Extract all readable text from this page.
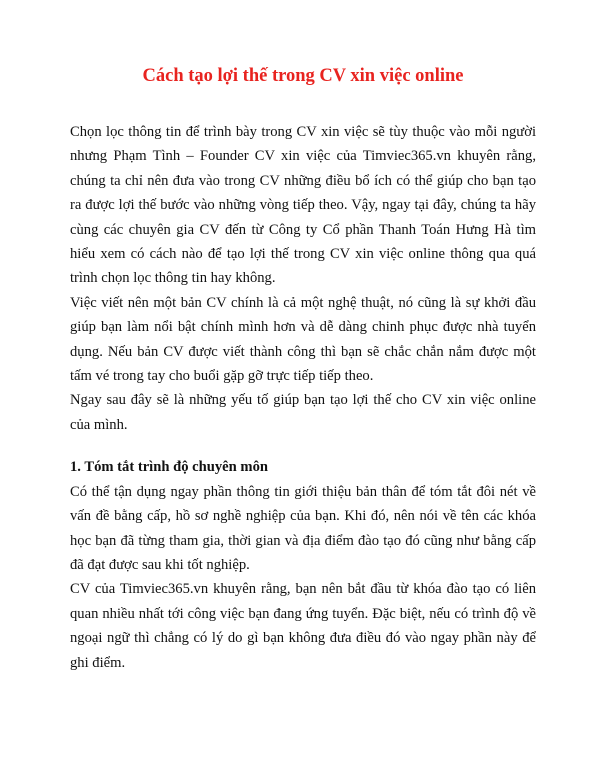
Cách tạo lợi thế trong CV xin việc online

Chọn lọc thông tin để trình bày trong CV xin việc sẽ tùy thuộc vào mỗi người nhưng Phạm Tình – Founder CV xin việc của Timviec365.vn khuyên rằng, chúng ta chỉ nên đưa vào trong CV những điều bổ ích có thể giúp cho bạn tạo ra được lợi thế bước vào những vòng tiếp theo. Vậy, ngay tại đây, chúng ta hãy cùng các chuyên gia CV đến từ Công ty Cổ phần Thanh Toán Hưng Hà tìm hiểu xem có cách nào để tạo lợi thế trong CV xin việc online thông qua quá trình chọn lọc thông tin hay không.

Việc viết nên một bản CV chính là cả một nghệ thuật, nó cũng là sự khởi đầu giúp bạn làm nổi bật chính mình hơn và dễ dàng chinh phục được nhà tuyển dụng. Nếu bản CV được viết thành công thì bạn sẽ chắc chắn nắm được một tấm vé trong tay cho buổi gặp gỡ trực tiếp tiếp theo.

Ngay sau đây sẽ là những yếu tố giúp bạn tạo lợi thế cho CV xin việc online của mình.

1. Tóm tắt trình độ chuyên môn

Có thể tận dụng ngay phần thông tin giới thiệu bản thân để tóm tắt đôi nét về vấn đề bằng cấp, hồ sơ nghề nghiệp của bạn. Khi đó, nên nói về tên các khóa học bạn đã từng tham gia, thời gian và địa điểm đào tạo đó cũng như bằng cấp đã đạt được sau khi tốt nghiệp.

CV của Timviec365.vn khuyên rằng, bạn nên bắt đầu từ khóa đào tạo có liên quan nhiều nhất tới công việc bạn đang ứng tuyển. Đặc biệt, nếu có trình độ về ngoại ngữ thì chẳng có lý do gì bạn không đưa điều đó vào ngay phần này để ghi điểm.
